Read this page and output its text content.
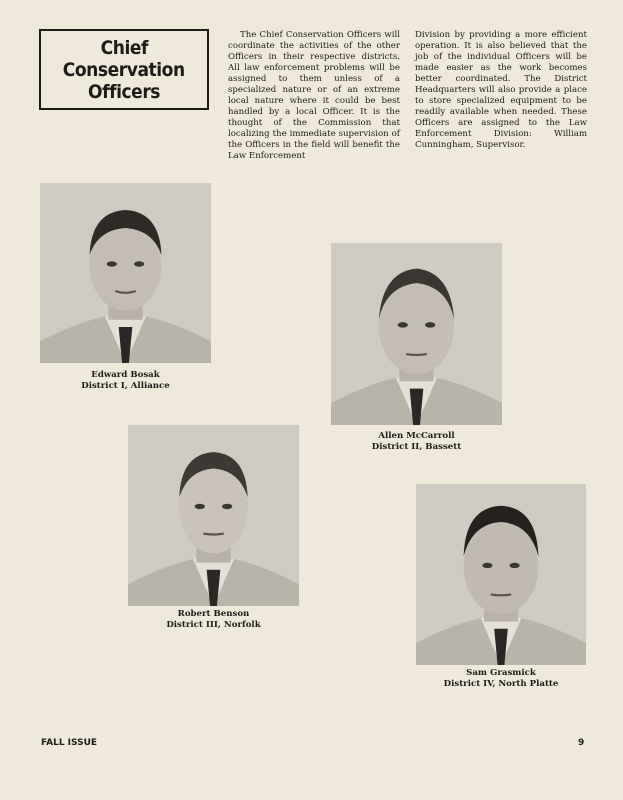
Chief
Conservation
Officers
The Chief Conservation Officers will coordinate the activities of the other Officers in their respective districts. All law enforcement problems will be assigned to them unless of a specialized nature or of an extreme local nature where it could be best handled by a local Officer. It is the thought of the Commission that localizing the immediate supervision of the Officers in the field will benefit the Law Enforcement
Division by providing a more efficient operation. It is also believed that the job of the individual Officers will be made easier as the work becomes better coordinated. The District Headquarters will also provide a place to store specialized equipment to be readily available when needed. These Officers are assigned to the Law Enforcement Division: William Cunningham, Supervisor.
Edward Bosak
District I, Alliance
Allen McCarroll
District II, Bassett
Robert Benson
District III, Norfolk
Sam Grasmick
District IV, North Platte
FALL ISSUE	9
